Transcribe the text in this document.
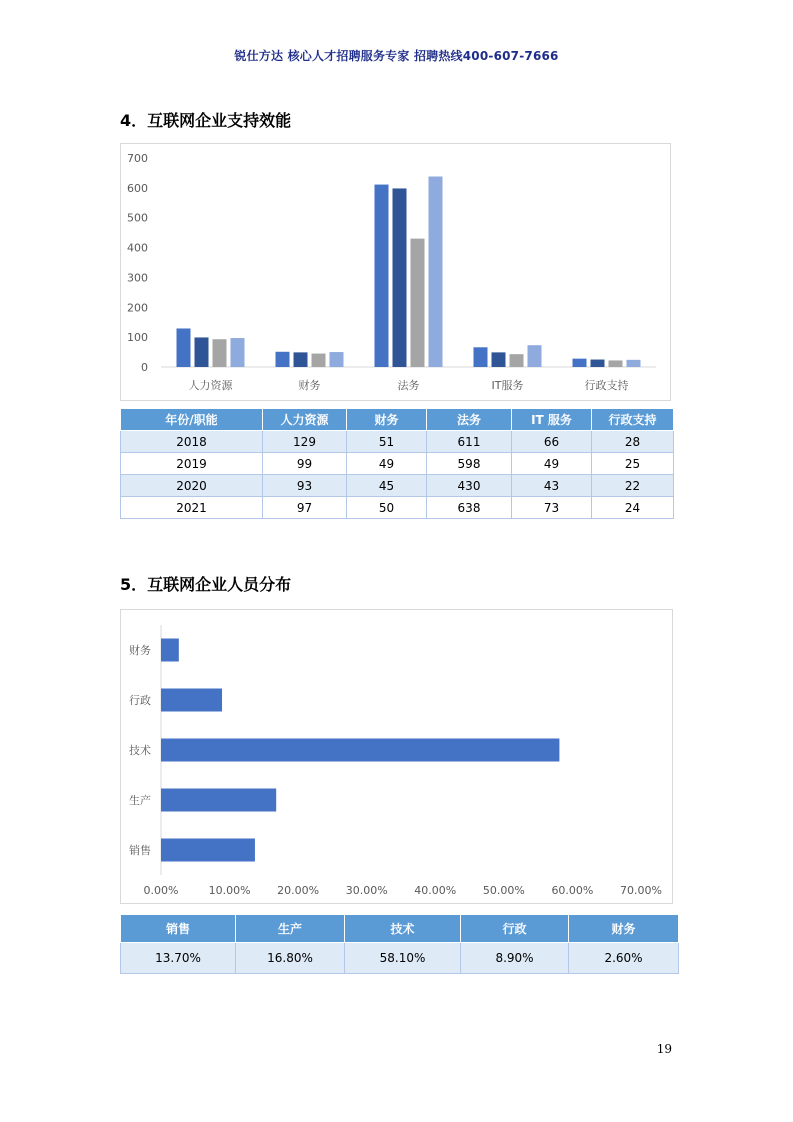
锐仕方达 核心人才招聘服务专家 招聘热线400-607-7666
4．互联网企业支持效能
0
100
200
300
400
500
600
700
人力资源	财务	法务	IT服务	行政支持
年份/职能	人力资源	财务	法务	IT 服务	行政支持
2018	129	51	611	66	28
2019	99	49	598	49	25
2020	93	45	430	43	22
2021	97	50	638	73	24
5．互联网企业人员分布
财务
行政
技术
生产
销售
0.00%	10.00% 20.00% 30.00% 40.00% 50.00% 60.00% 70.00%
销售	生产	技术	行政	财务
13.70%	16.80%	58.10%	8.90%	2.60%
19
